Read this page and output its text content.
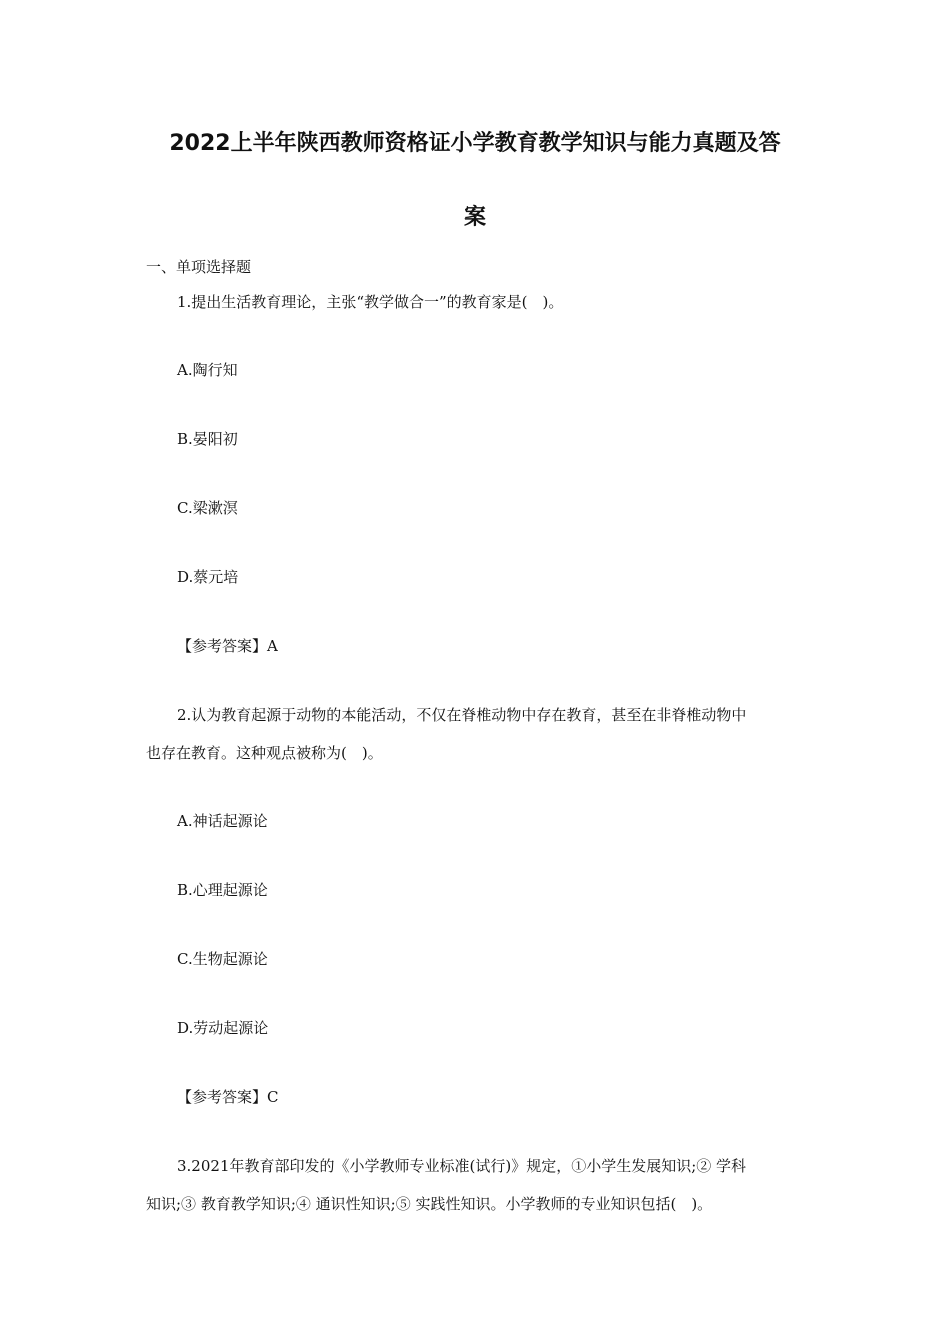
2022上半年陕西教师资格证小学教育教学知识与能力真题及答
案

一、单项选择题

1.提出生活教育理论，主张“教学做合一”的教育家是(　)。

A.陶行知

B.晏阳初

C.梁漱溟

D.蔡元培

【参考答案】A

2.认为教育起源于动物的本能活动，不仅在脊椎动物中存在教育，甚至在非脊椎动物中

也存在教育。这种观点被称为(　)。

A.神话起源论

B.心理起源论

C.生物起源论

D.劳动起源论

【参考答案】C

3.2021年教育部印发的《小学教师专业标准(试行)》规定，①小学生发展知识;② 学科

知识;③ 教育教学知识;④ 通识性知识;⑤ 实践性知识。小学教师的专业知识包括(　)。
